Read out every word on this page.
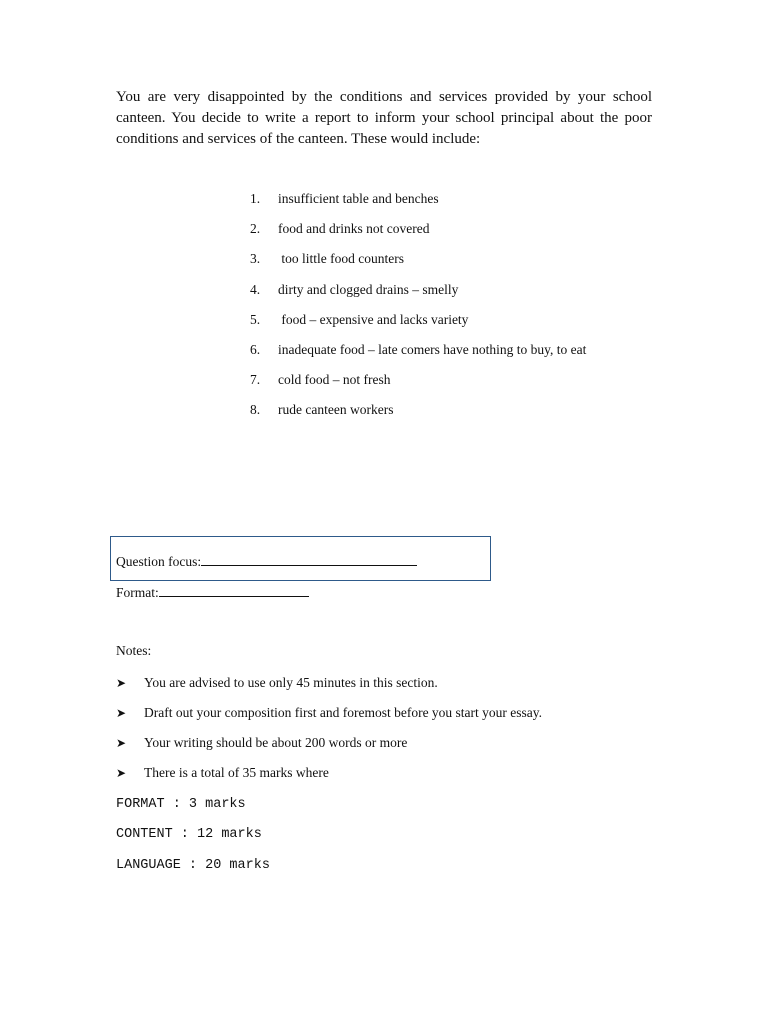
You are very disappointed by the conditions and services provided by your school canteen. You decide to write a report to inform your school principal about the poor conditions and services of the canteen. These would include:

1.	insufficient table and benches
2.	food and drinks not covered
3.	too little food counters
4.	dirty and clogged drains – smelly
5.	food – expensive and lacks variety
6.	inadequate food – late comers have nothing to buy, to eat
7.	cold food – not fresh
8.	rude canteen workers
Question focus:
Format:
Notes:
➤	You are advised to use only 45 minutes in this section.
➤	Draft out your composition first and foremost before you start your essay.
➤	Your writing should be about 200 words or more
➤	There is a total of 35 marks where
FORMAT : 3 marks
CONTENT : 12 marks
LANGUAGE : 20 marks
